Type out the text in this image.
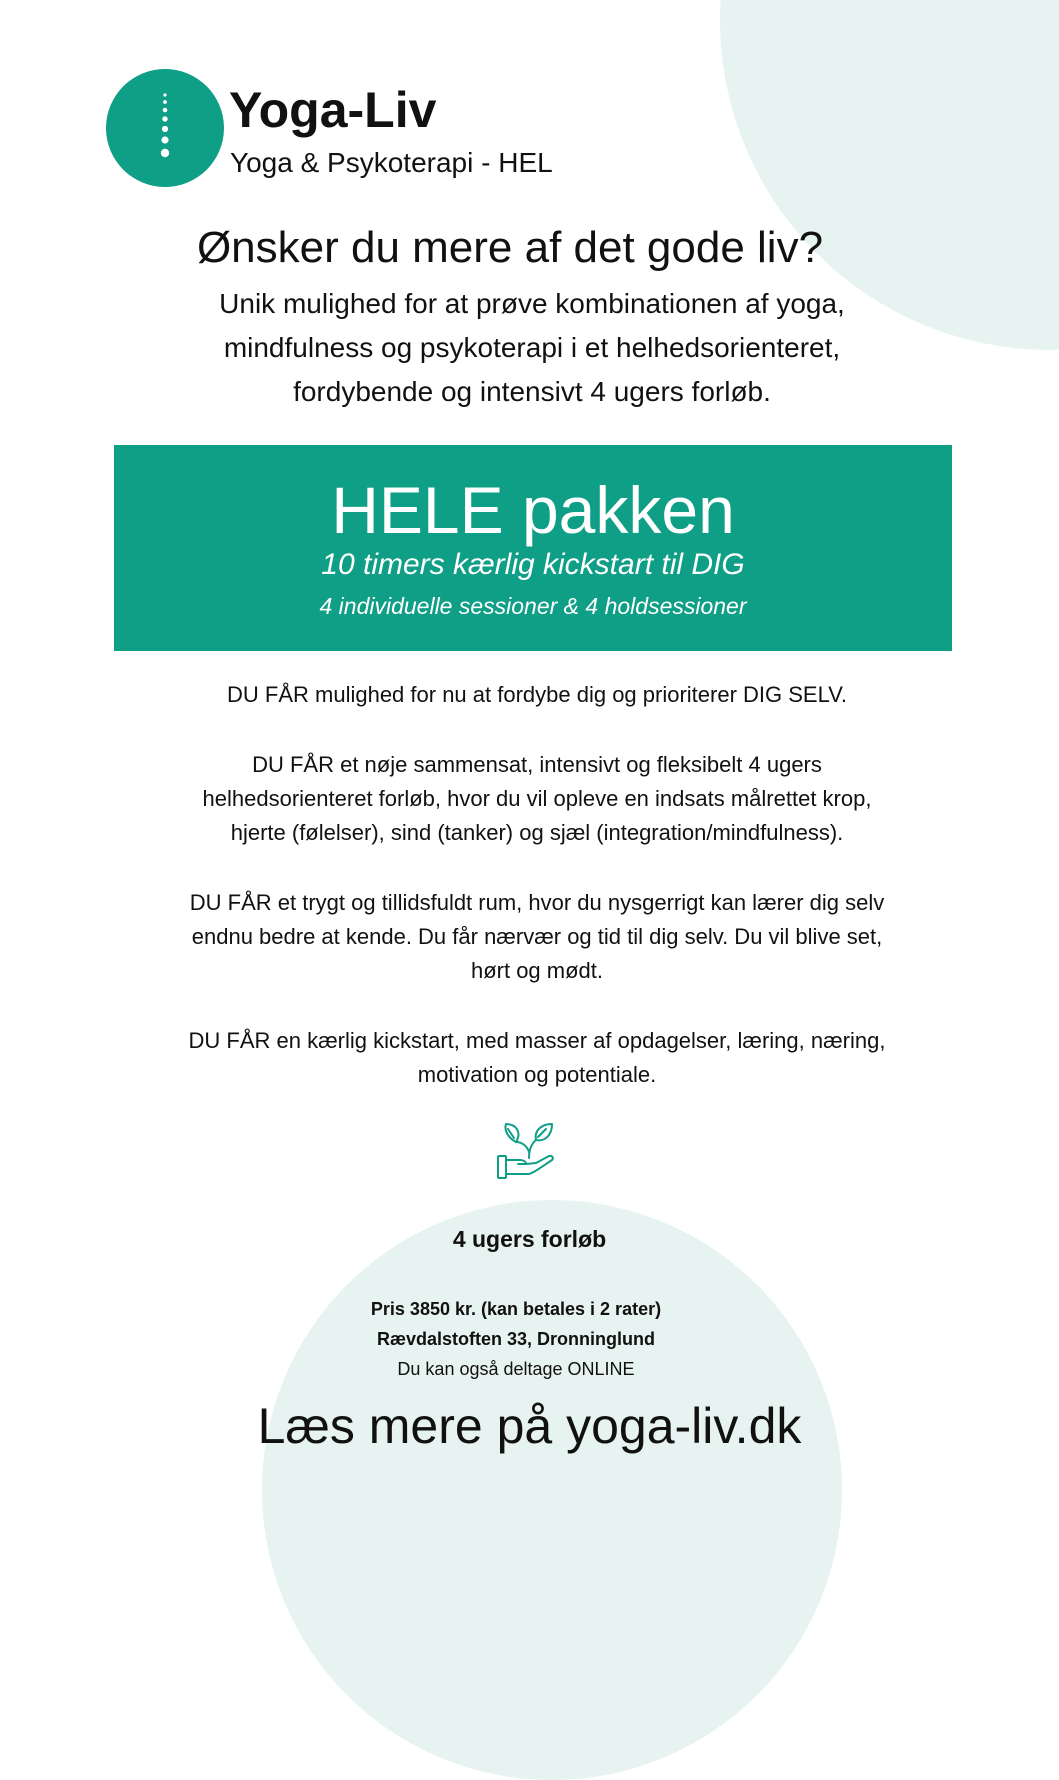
Yoga-Liv
Yoga & Psykoterapi - HEL
Ønsker du mere af det gode liv?
Unik mulighed for at prøve kombinationen af yoga,
mindfulness og psykoterapi i et helhedsorienteret,
fordybende og intensivt 4 ugers forløb.
HELE pakken
10 timers kærlig kickstart til DIG
4 individuelle sessioner & 4 holdsessioner
DU FÅR mulighed for nu at fordybe dig og prioriterer DIG SELV.
DU FÅR et nøje sammensat, intensivt og fleksibelt 4 ugers
helhedsorienteret forløb, hvor du vil opleve en indsats målrettet krop,
hjerte (følelser), sind (tanker) og sjæl (integration/mindfulness).
DU FÅR et trygt og tillidsfuldt rum, hvor du nysgerrigt kan lærer dig selv
endnu bedre at kende. Du får nærvær og tid til dig selv. Du vil blive set,
hørt og mødt.
DU FÅR en kærlig kickstart, med masser af opdagelser, læring, næring,
motivation og potentiale.
4 ugers forløb
Pris 3850 kr. (kan betales i 2 rater)
Rævdalstoften 33, Dronninglund
Du kan også deltage ONLINE
Læs mere på yoga-liv.dk
